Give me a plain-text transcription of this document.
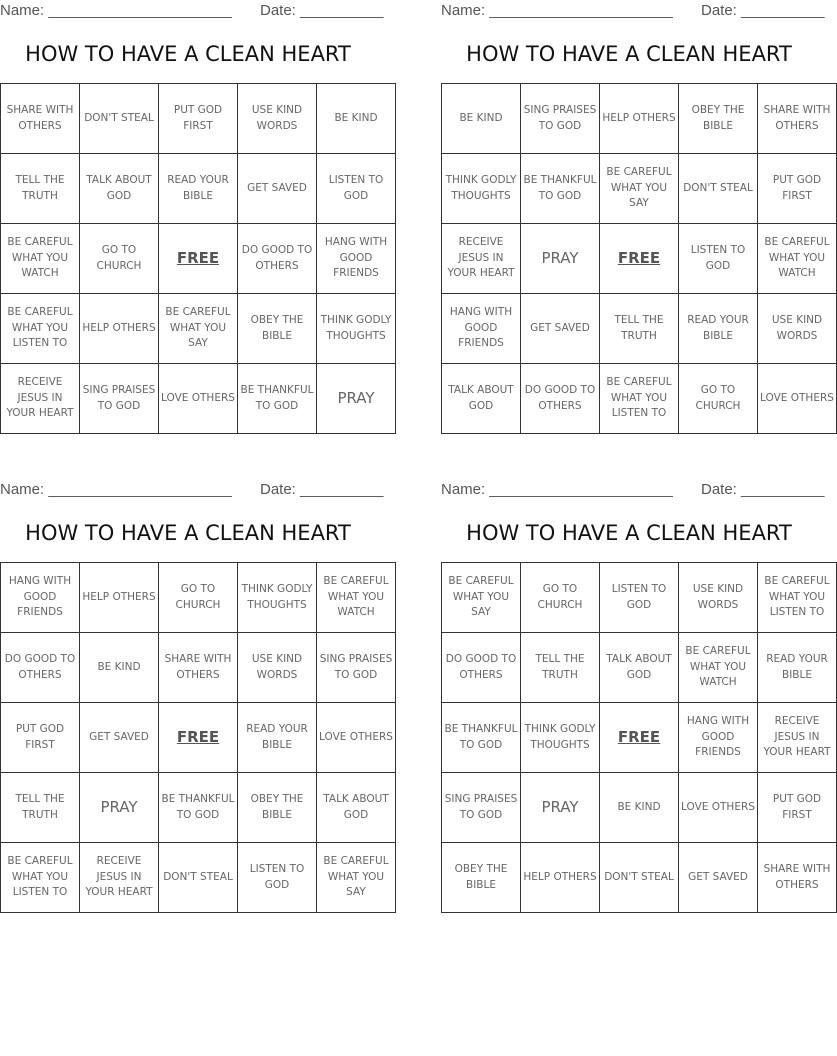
Name: ______________________ Date: __________
HOW TO HAVE A CLEAN HEART
SHARE WITH OTHERS	DON'T STEAL	PUT GOD FIRST	USE KIND WORDS	BE KIND
TELL THE TRUTH	TALK ABOUT GOD	READ YOUR BIBLE	GET SAVED	LISTEN TO GOD
BE CAREFUL WHAT YOU WATCH	GO TO CHURCH	FREE	DO GOOD TO OTHERS	HANG WITH GOOD FRIENDS
BE CAREFUL WHAT YOU LISTEN TO	HELP OTHERS	BE CAREFUL WHAT YOU SAY	OBEY THE BIBLE	THINK GODLY THOUGHTS
RECEIVE JESUS IN YOUR HEART	SING PRAISES TO GOD	LOVE OTHERS	BE THANKFUL TO GOD	PRAY
Name: ______________________ Date: __________
HOW TO HAVE A CLEAN HEART
BE KIND	SING PRAISES TO GOD	HELP OTHERS	OBEY THE BIBLE	SHARE WITH OTHERS
THINK GODLY THOUGHTS	BE THANKFUL TO GOD	BE CAREFUL WHAT YOU SAY	DON'T STEAL	PUT GOD FIRST
RECEIVE JESUS IN YOUR HEART	PRAY	FREE	LISTEN TO GOD	BE CAREFUL WHAT YOU WATCH
HANG WITH GOOD FRIENDS	GET SAVED	TELL THE TRUTH	READ YOUR BIBLE	USE KIND WORDS
TALK ABOUT GOD	DO GOOD TO OTHERS	BE CAREFUL WHAT YOU LISTEN TO	GO TO CHURCH	LOVE OTHERS
Name: ______________________ Date: __________
HOW TO HAVE A CLEAN HEART
HANG WITH GOOD FRIENDS	HELP OTHERS	GO TO CHURCH	THINK GODLY THOUGHTS	BE CAREFUL WHAT YOU WATCH
DO GOOD TO OTHERS	BE KIND	SHARE WITH OTHERS	USE KIND WORDS	SING PRAISES TO GOD
PUT GOD FIRST	GET SAVED	FREE	READ YOUR BIBLE	LOVE OTHERS
TELL THE TRUTH	PRAY	BE THANKFUL TO GOD	OBEY THE BIBLE	TALK ABOUT GOD
BE CAREFUL WHAT YOU LISTEN TO	RECEIVE JESUS IN YOUR HEART	DON'T STEAL	LISTEN TO GOD	BE CAREFUL WHAT YOU SAY
Name: ______________________ Date: __________
HOW TO HAVE A CLEAN HEART
BE CAREFUL WHAT YOU SAY	GO TO CHURCH	LISTEN TO GOD	USE KIND WORDS	BE CAREFUL WHAT YOU LISTEN TO
DO GOOD TO OTHERS	TELL THE TRUTH	TALK ABOUT GOD	BE CAREFUL WHAT YOU WATCH	READ YOUR BIBLE
BE THANKFUL TO GOD	THINK GODLY THOUGHTS	FREE	HANG WITH GOOD FRIENDS	RECEIVE JESUS IN YOUR HEART
SING PRAISES TO GOD	PRAY	BE KIND	LOVE OTHERS	PUT GOD FIRST
OBEY THE BIBLE	HELP OTHERS	DON'T STEAL	GET SAVED	SHARE WITH OTHERS
